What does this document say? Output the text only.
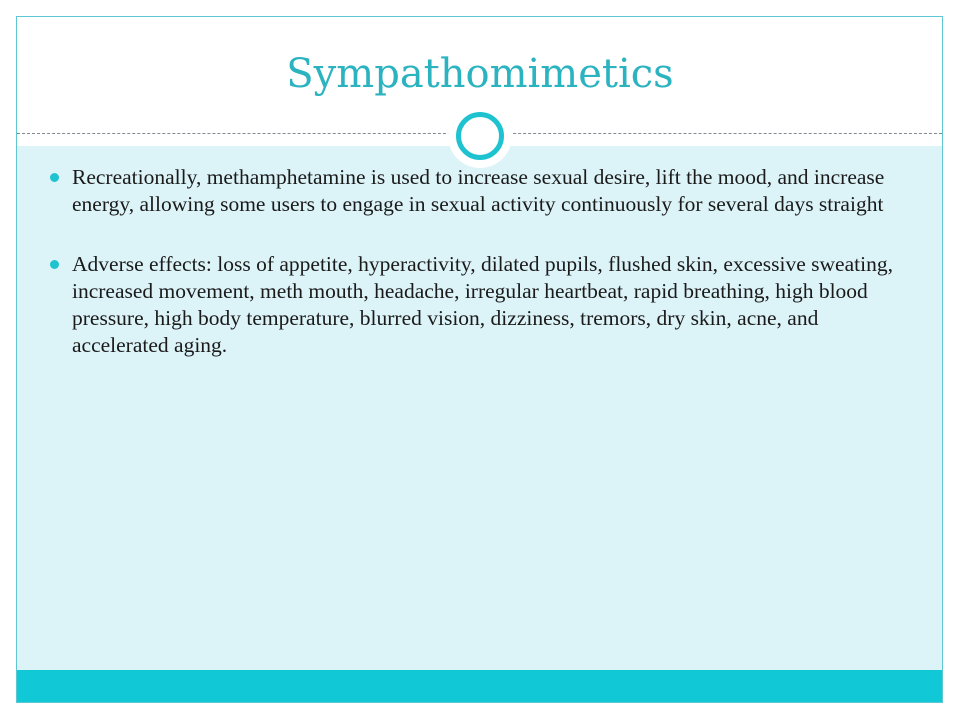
Sympathomimetics
Recreationally, methamphetamine is used to increase sexual desire, lift the mood, and increase energy, allowing some users to engage in sexual activity continuously for several days straight
Adverse effects: loss of appetite, hyperactivity, dilated pupils, flushed skin, excessive sweating, increased movement, meth mouth, headache, irregular heartbeat, rapid breathing, high blood pressure, high body temperature, blurred vision, dizziness, tremors, dry skin, acne, and accelerated aging.
